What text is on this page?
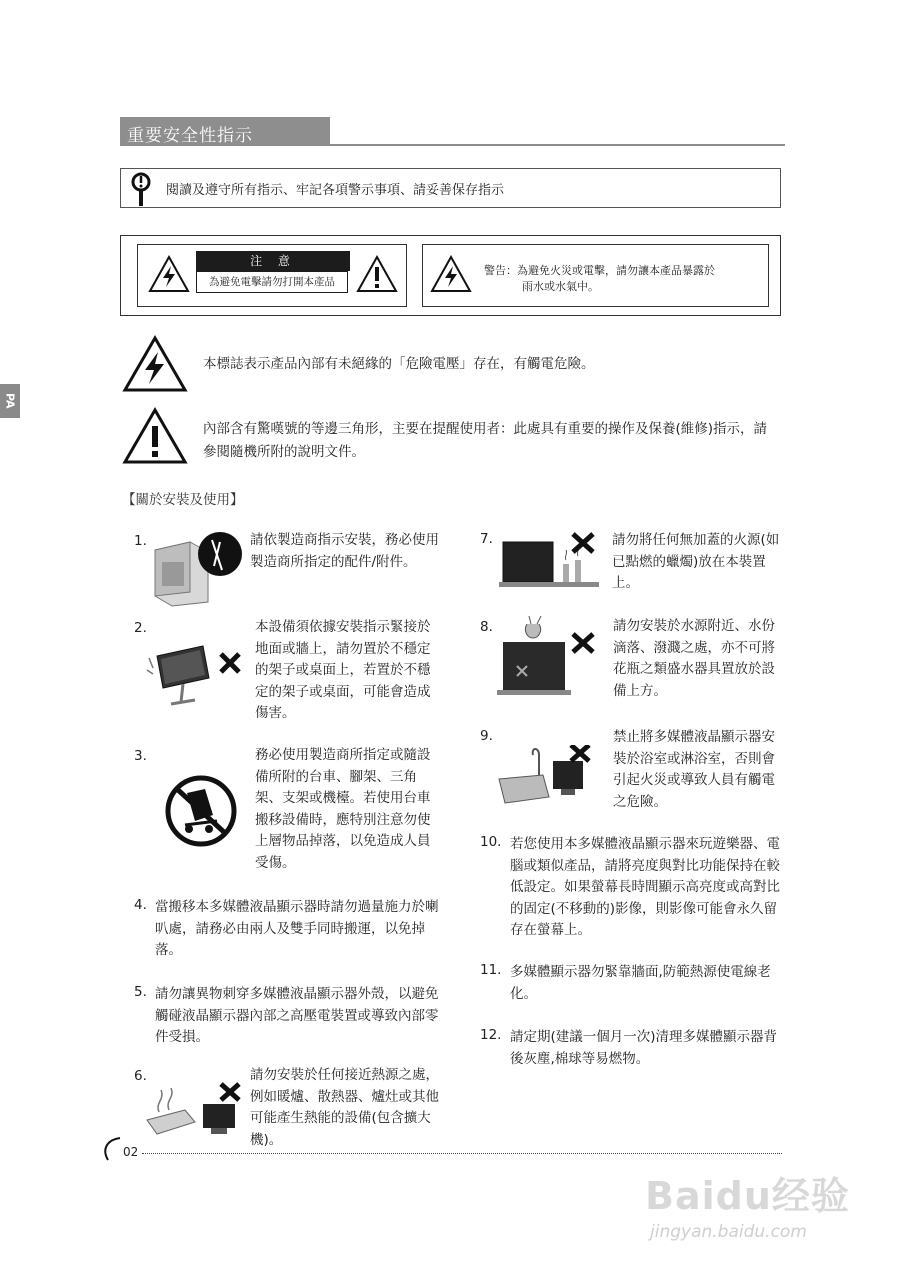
重要安全性指示
閱讀及遵守所有指示、牢記各項警示事項、請妥善保存指示
注 意
為避免電擊請勿打開本產品
警告：為避免火災或電擊，請勿讓本產品暴露於
雨水或水氣中。
PA
本標誌表示產品內部有未絕緣的「危險電壓」存在，有觸電危險。
內部含有驚嘆號的等邊三角形，主要在提醒使用者：此處具有重要的操作及保養(維修)指示，請參閱隨機所附的說明文件。
【關於安裝及使用】
1.	請依製造商指示安裝，務必使用製造商所指定的配件/附件。
2.	本設備須依據安裝指示緊接於地面或牆上，請勿置於不穩定的架子或桌面上，若置於不穩定的架子或桌面，可能會造成傷害。
3.	務必使用製造商所指定或隨設備所附的台車、腳架、三角架、支架或機檯。若使用台車搬移設備時，應特別注意勿使上層物品掉落，以免造成人員受傷。
4. 當搬移本多媒體液晶顯示器時請勿過量施力於喇叭處，請務必由兩人及雙手同時搬運，以免掉落。
5. 請勿讓異物刺穿多媒體液晶顯示器外殼，以避免觸碰液晶顯示器內部之高壓電裝置或導致內部零件受損。
6.	請勿安裝於任何接近熱源之處，例如暖爐、散熱器、爐灶或其他可能產生熱能的設備(包含擴大機)。
7.	請勿將任何無加蓋的火源(如已點燃的蠟燭)放在本裝置上。
8.	請勿安裝於水源附近、水份滴落、潑濺之處，亦不可將花瓶之類盛水器具置放於設備上方。
9.	禁止將多媒體液晶顯示器安裝於浴室或淋浴室，否則會引起火災或導致人員有觸電之危險。
10. 若您使用本多媒體液晶顯示器來玩遊樂器、電腦或類似產品，請將亮度與對比功能保持在較低設定。如果螢幕長時間顯示高亮度或高對比的固定(不移動的)影像，則影像可能會永久留存在螢幕上。
11. 多媒體顯示器勿緊靠牆面,防範熱源使電線老化。
12. 請定期(建議一個月一次)清理多媒體顯示器背後灰塵,棉球等易燃物。
02
Baidu经验
jingyan.baidu.com
